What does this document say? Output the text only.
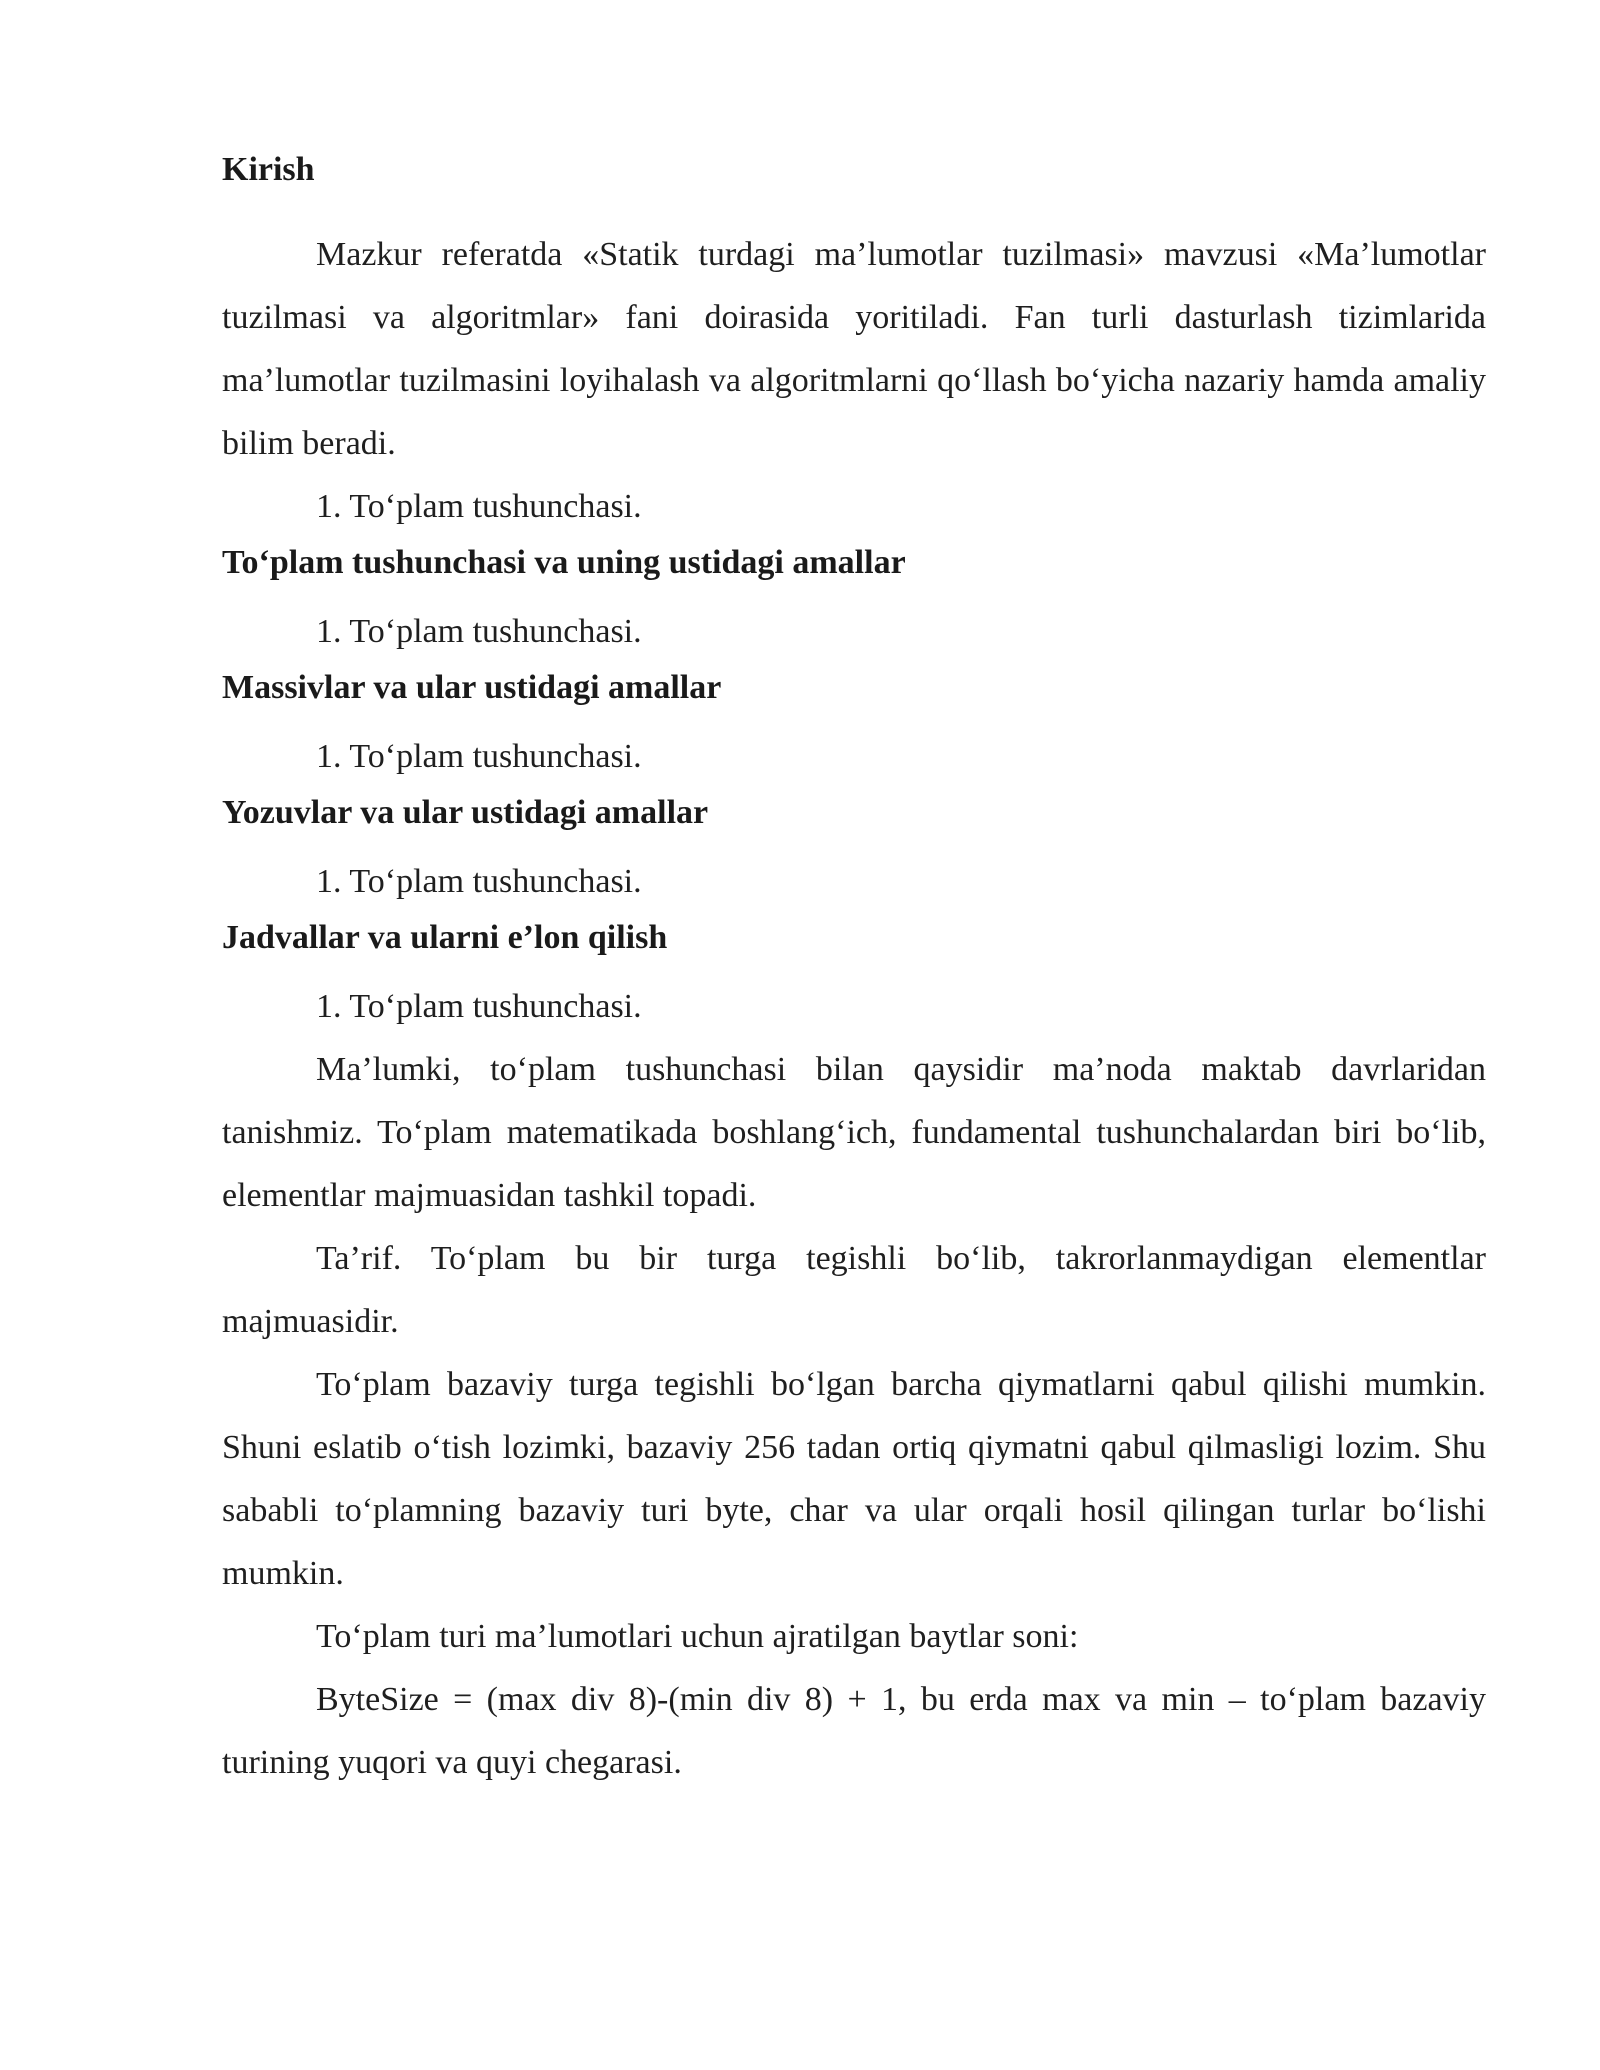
Kirish

Mazkur referatda «Statik turdagi ma’lumotlar tuzilmasi» mavzusi «Ma’lumotlar tuzilmasi va algoritmlar» fani doirasida yoritiladi. Fan turli dasturlash tizimlarida ma’lumotlar tuzilmasini loyihalash va algoritmlarni qo‘llash bo‘yicha nazariy hamda amaliy bilim beradi.

1. To‘plam tushunchasi.

To‘plam tushunchasi va uning ustidagi amallar

1. To‘plam tushunchasi.

Massivlar va ular ustidagi amallar

1. To‘plam tushunchasi.

Yozuvlar va ular ustidagi amallar

1. To‘plam tushunchasi.

Jadvallar va ularni e’lon qilish

1. To‘plam tushunchasi.

Ma’lumki, to‘plam tushunchasi bilan qaysidir ma’noda maktab davrlaridan tanishmiz. To‘plam matematikada boshlang‘ich, fundamental tushunchalardan biri bo‘lib, elementlar majmuasidan tashkil topadi.

Ta’rif. To‘plam bu bir turga tegishli bo‘lib, takrorlanmaydigan elementlar majmuasidir.

To‘plam bazaviy turga tegishli bo‘lgan barcha qiymatlarni qabul qilishi mumkin. Shuni eslatib o‘tish lozimki, bazaviy 256 tadan ortiq qiymatni qabul qilmasligi lozim. Shu sababli to‘plamning bazaviy turi byte, char va ular orqali hosil qilingan turlar bo‘lishi mumkin.

To‘plam turi ma’lumotlari uchun ajratilgan baytlar soni:

ByteSize = (max div 8)-(min div 8) + 1, bu erda max va min – to‘plam bazaviy turining yuqori va quyi chegarasi.
